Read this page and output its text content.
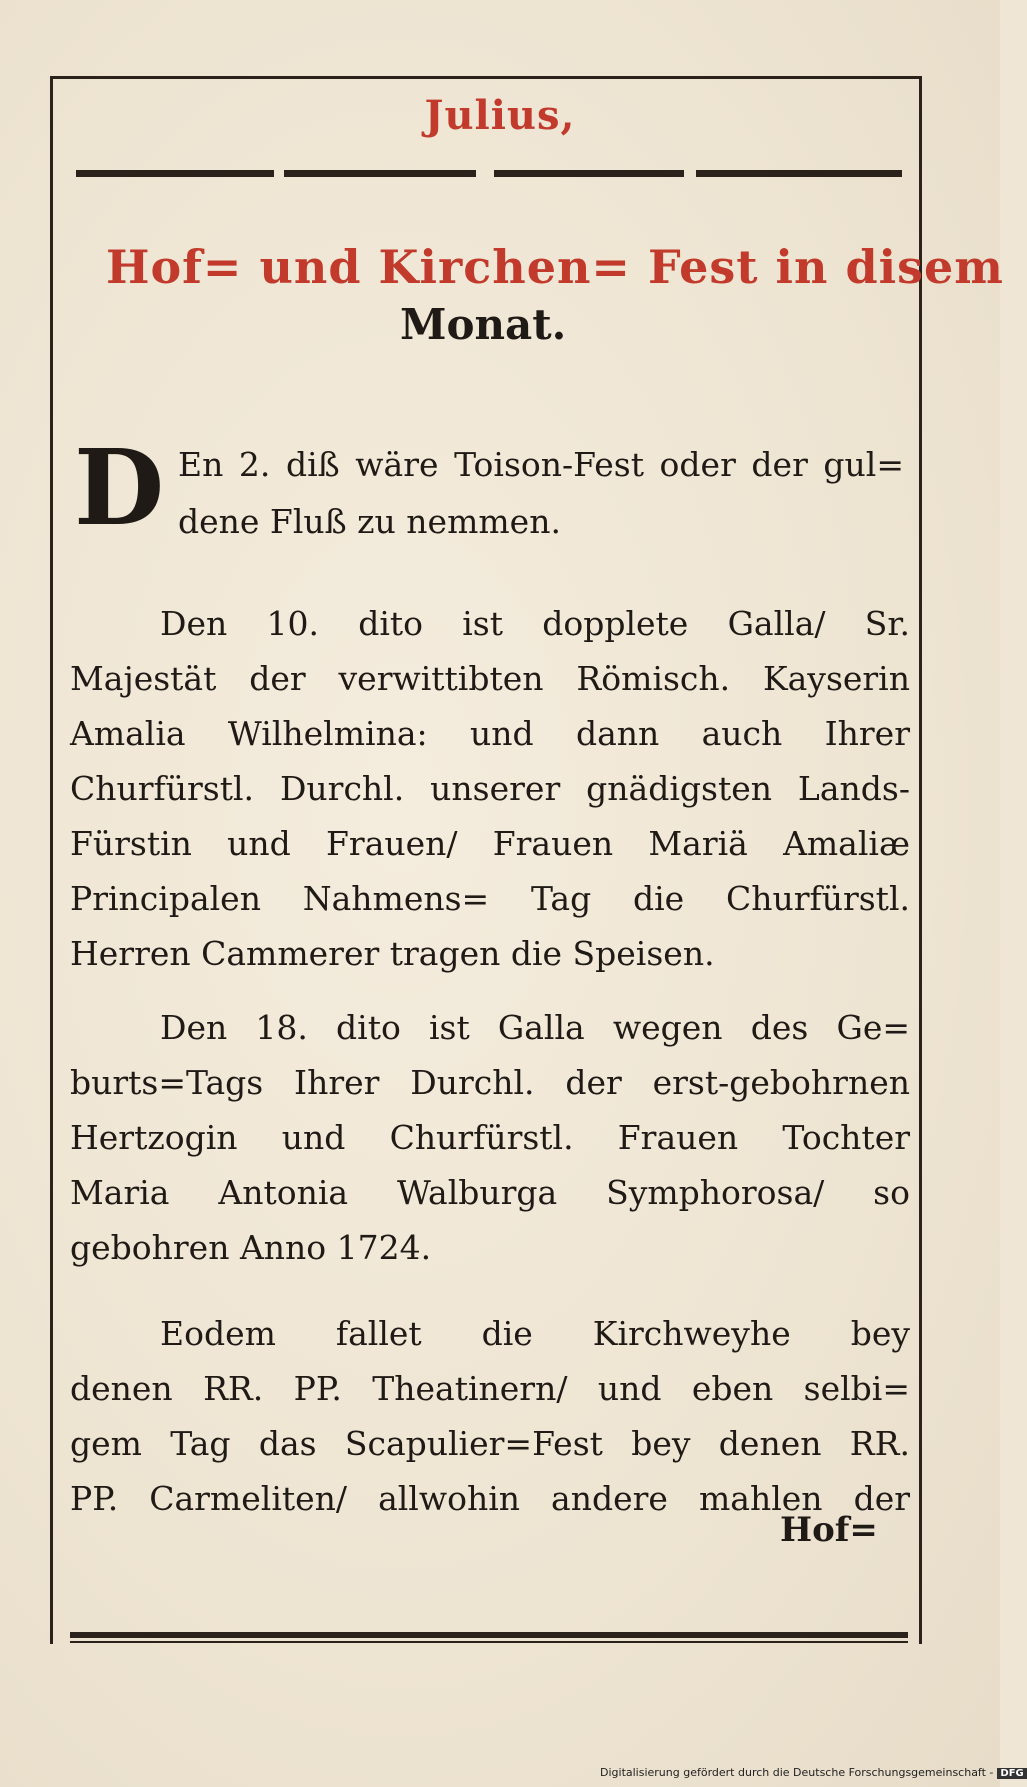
Julius,
Hof= und Kirchen= Fest in disem
Monat.
D En 2. diß wäre Toison-Fest oder der gul=
dene Fluß zu nemmen.
Den 10. dito ist dopplete Galla/ Sr.
Majestät der verwittibten Römisch. Kayserin
Amalia Wilhelmina: und dann auch Ihrer
Churfürstl. Durchl. unserer gnädigsten Lands-
Fürstin und Frauen/ Frauen Mariä Amaliæ
Principalen Nahmens= Tag die Churfürstl.
Herren Cammerer tragen die Speisen.
Den 18. dito ist Galla wegen des Ge=
burts=Tags Ihrer Durchl. der erst-gebohrnen
Hertzogin und Churfürstl. Frauen Tochter
Maria Antonia Walburga Symphorosa/ so
gebohren Anno 1724.
Eodem fallet die Kirchweyhe bey
denen RR. PP. Theatinern/ und eben selbi=
gem Tag das Scapulier=Fest bey denen RR.
PP. Carmeliten/ allwohin andere mahlen der
Hof=
Digitalisierung gefördert durch die Deutsche Forschungsgemeinschaft - DFG
